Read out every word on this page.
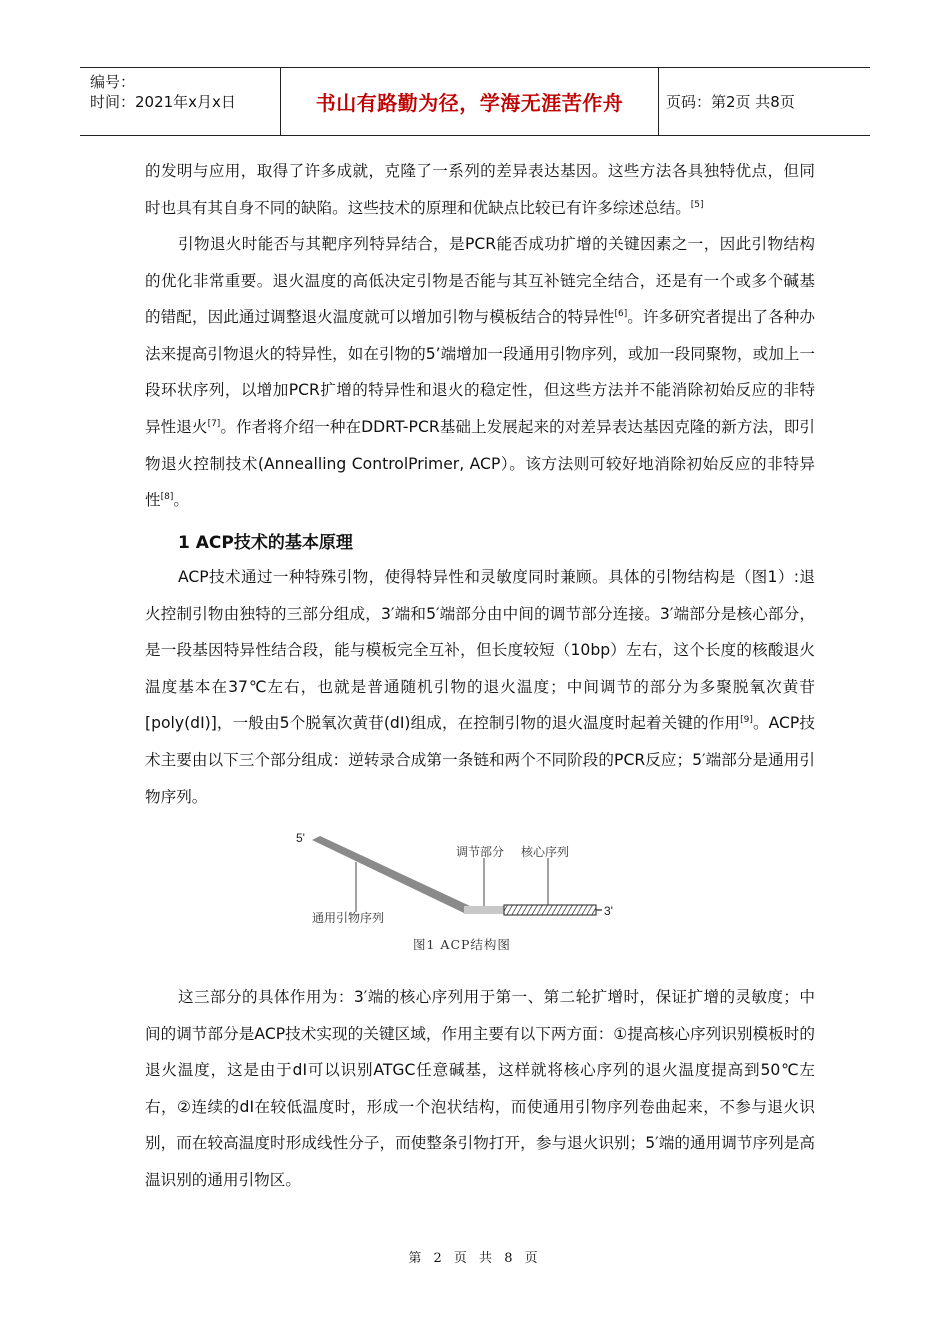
编号：
时间：2021年x月x日	书山有路勤为径，学海无涯苦作舟	页码：第2页 共8页

的发明与应用，取得了许多成就，克隆了一系列的差异表达基因。这些方法各具独特优点，但同时也具有其自身不同的缺陷。这些技术的原理和优缺点比较已有许多综述总结。[5]

引物退火时能否与其靶序列特异结合，是PCR能否成功扩增的关键因素之一，因此引物结构的优化非常重要。退火温度的高低决定引物是否能与其互补链完全结合，还是有一个或多个碱基的错配，因此通过调整退火温度就可以增加引物与模板结合的特异性[6]。许多研究者提出了各种办法来提高引物退火的特异性，如在引物的5’端增加一段通用引物序列，或加一段同聚物，或加上一段环状序列，以增加PCR扩增的特异性和退火的稳定性，但这些方法并不能消除初始反应的非特异性退火[7]。作者将介绍一种在DDRT-PCR基础上发展起来的对差异表达基因克隆的新方法，即引物退火控制技术(Annealling ControlPrimer, ACP）。该方法则可较好地消除初始反应的非特异性[8]。

1 ACP技术的基本原理

ACP技术通过一种特殊引物，使得特异性和灵敏度同时兼顾。具体的引物结构是（图1）:退火控制引物由独特的三部分组成，3′端和5′端部分由中间的调节部分连接。3′端部分是核心部分，是一段基因特异性结合段，能与模板完全互补，但长度较短（10bp）左右，这个长度的核酸退火温度基本在37℃左右，也就是普通随机引物的退火温度；中间调节的部分为多聚脱氧次黄苷[poly(dI)]，一般由5个脱氧次黄苷(dI)组成，在控制引物的退火温度时起着关键的作用[9]。ACP技术主要由以下三个部分组成：逆转录合成第一条链和两个不同阶段的PCR反应；5′端部分是通用引物序列。

5'
3'
调节部分 核心序列
通用引物序列
图1 ACP结构图

这三部分的具体作用为：3′端的核心序列用于第一、第二轮扩增时，保证扩增的灵敏度；中间的调节部分是ACP技术实现的关键区域，作用主要有以下两方面：①提高核心序列识别模板时的退火温度，这是由于dI可以识别ATGC任意碱基，这样就将核心序列的退火温度提高到50℃左右，②连续的dI在较低温度时，形成一个泡状结构，而使通用引物序列卷曲起来，不参与退火识别，而在较高温度时形成线性分子，而使整条引物打开，参与退火识别；5′端的通用调节序列是高温识别的通用引物区。

第 2 页 共 8 页
